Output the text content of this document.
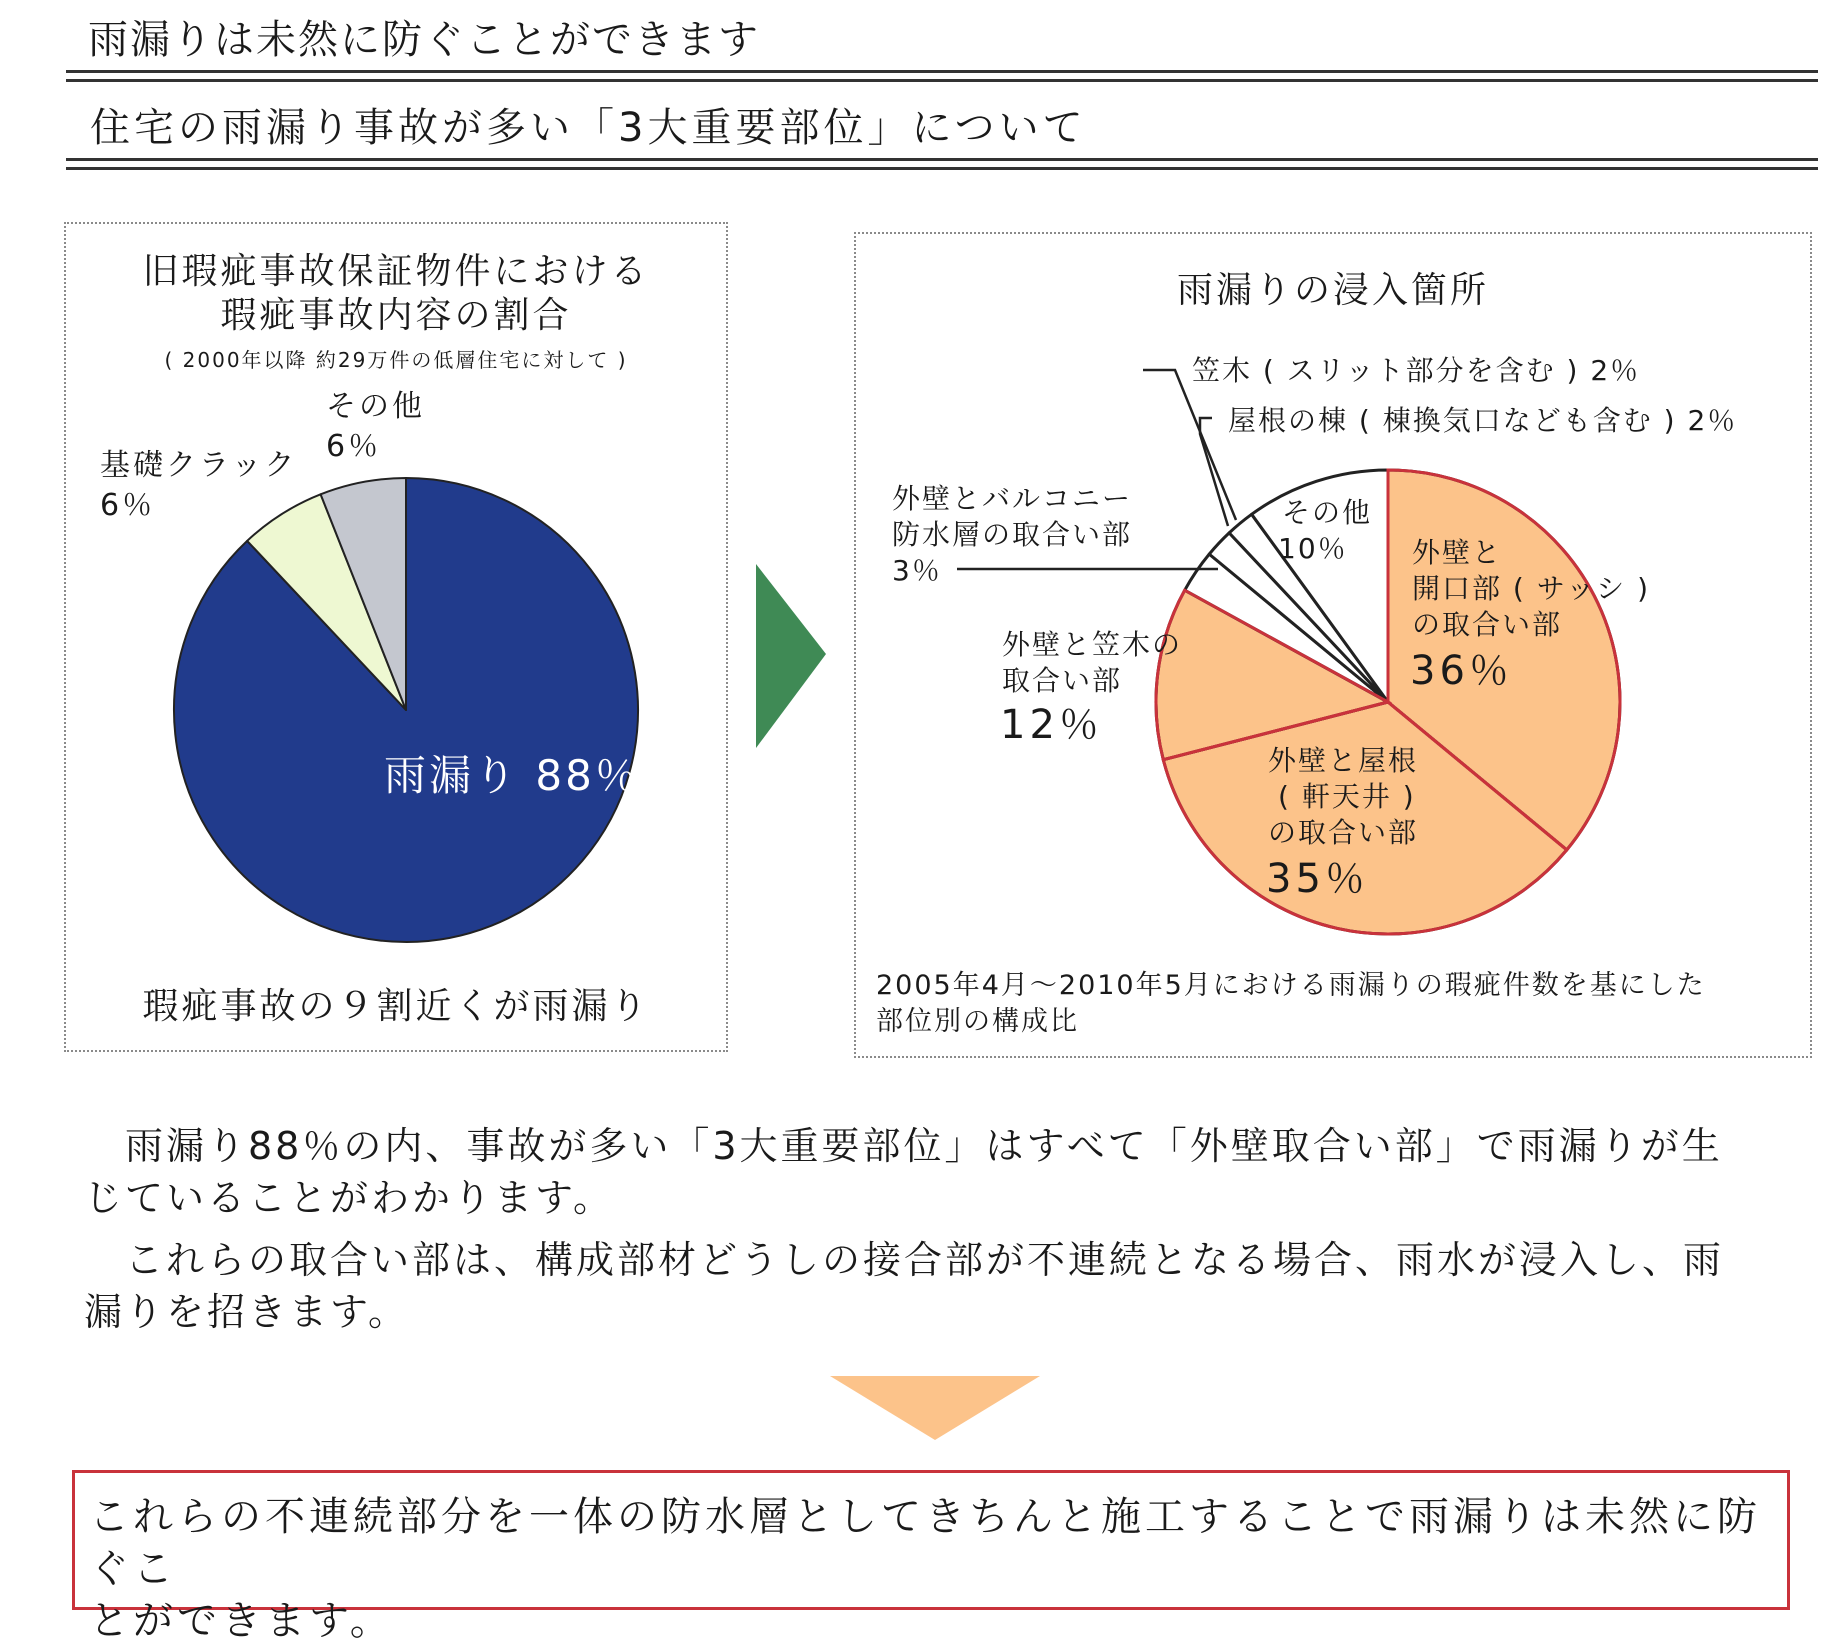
雨漏りは未然に防ぐことができます
住宅の雨漏り事故が多い「3大重要部位」について
旧瑕疵事故保証物件における
瑕疵事故内容の割合
( 2000年以降 約29万件の低層住宅に対して )
瑕疵事故の９割近くが雨漏り
雨漏りの浸入箇所
2005年4月～2010年5月における雨漏りの瑕疵件数を基にした
部位別の構成比
雨漏り 88％
基礎クラック
6％
その他
6％
笠木 ( スリット部分を含む ) 2％
屋根の棟 ( 棟換気口なども含む ) 2％
外壁とバルコニー
防水層の取合い部
3％
その他
10％ 外壁と
開口部 ( サッシ )
の取合い部
36％
外壁と笠木の
取合い部
12％
外壁と屋根
( 軒天井 )
の取合い部
35％
　雨漏り88％の内、事故が多い「3大重要部位」はすべて「外壁取合い部」で雨漏りが生
じていることがわかります。
　これらの取合い部は、構成部材どうしの接合部が不連続となる場合、雨水が浸入し、雨
漏りを招きます。
これらの不連続部分を一体の防水層としてきちんと施工することで雨漏りは未然に防ぐこ
とができます。
